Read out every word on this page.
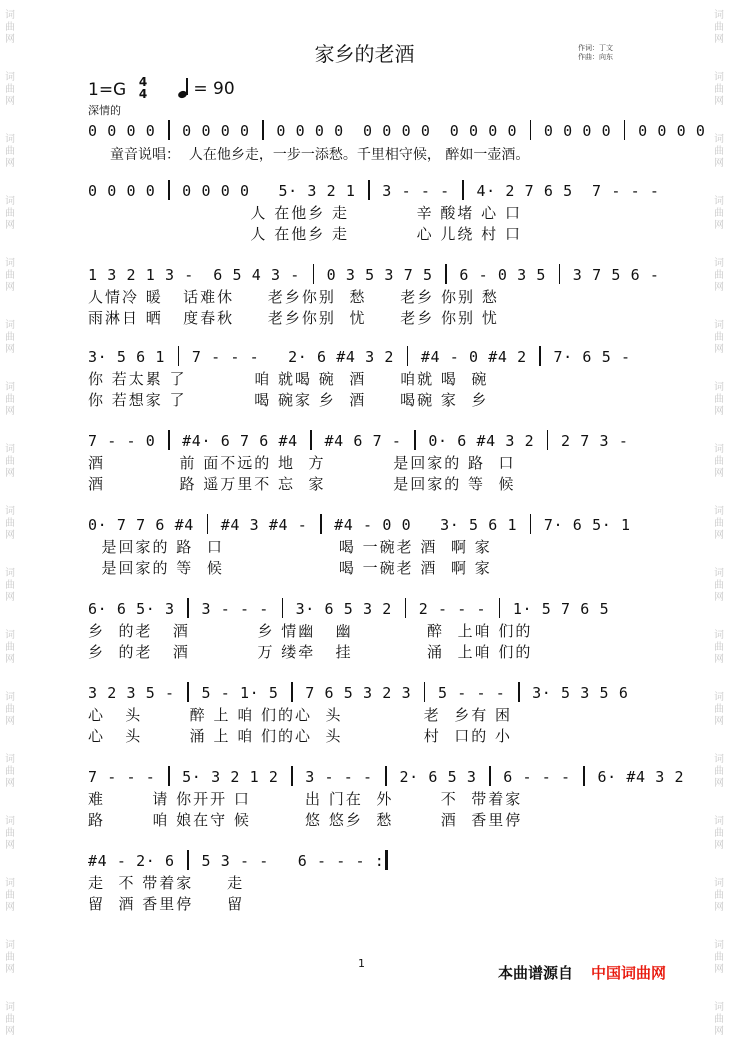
词
曲
网
词
曲
网
词
曲
网
词
曲
网
词
曲
网
词
曲
网
词
曲
网
词
曲
网
词
曲
网
词
曲
网
词
曲
网
词
曲
网
词
曲
网
词
曲
网
词
曲
网
词
曲
网
词
曲
网
词
曲
网
词
曲
网
词
曲
网
词
曲
网
词
曲
网
词
曲
网
词
曲
网
词
曲
网
词
曲
网
词
曲
网
词
曲
网
词
曲
网
词
曲
网
词
曲
网
词
曲
网
词
曲
网
词
曲
网
家乡的老酒	作词：丁文
作曲：向东
1=G 4
4	= 90
深情的
0 0 0 0  0 0 0 0  0 0 0 0  0 0 0 0  0 0 0 0  0 0 0 0  0 0 0 0
童音说唱：  人在他乡走，一步一添愁。千里相守候， 醉如一壶酒。
0 0 0 0  0 0 0 0   5· 3 2 1  3 - - -  4· 2 7 6 5  7 - - -
人 在他乡 走          辛 酸堵 心 口
人 在他乡 走          心 儿绕 村 口
1 3 2 1 3 -  6 5 4 3 -  0 3 5 3 7 5  6 - 0 3 5  3 7 5 6 -
人情冷 暖   话难休     老乡你别  愁     老乡 你别 愁
雨淋日 晒   度春秋     老乡你别  忧     老乡 你别 忧
3· 5 6 1  7 - - -   2· 6 #4 3 2  #4 - 0 #4 2  7· 6 5 -
你 若太累 了          咱 就喝 碗  酒     咱就 喝  碗
你 若想家 了          喝 碗家 乡  酒     喝碗 家  乡
7 - - 0  #4· 6 7 6 #4  #4 6 7 -  0· 6 #4 3 2  2 7 3 -
酒           前 面不远的 地  方          是回家的 路  口
酒           路 遥万里不 忘  家          是回家的 等  候
0· 7 7 6 #4  #4 3 #4 -  #4 - 0 0   3· 5 6 1  7· 6 5· 1
是回家的 路  口                 喝 一碗老 酒  啊 家
是回家的 等  候                 喝 一碗老 酒  啊 家
6· 6 5· 3  3 - - -  3· 6 5 3 2  2 - - -  1· 5 7 6 5
乡  的老   酒          乡 情幽   幽           醉  上咱 们的
乡  的老   酒          万 缕牵   挂           涌  上咱 们的
3 2 3 5 -  5 - 1· 5  7 6 5 3 2 3  5 - - -  3· 5 3 5 6
心   头       醉 上 咱 们的心  头            老  乡有 困
心   头       涌 上 咱 们的心  头            村  口的 小
7 - - -  5· 3 2 1 2  3 - - -  2· 6 5 3  6 - - -  6· #4 3 2
难       请 你开开 口        出 门在  外       不  带着家
路       咱 娘在守 候        悠 悠乡  愁       酒  香里停
#4 - 2· 6  5 3 - -   6 - - - :
走  不 带着家     走
留  酒 香里停     留
1
本曲谱源自 中国词曲网
